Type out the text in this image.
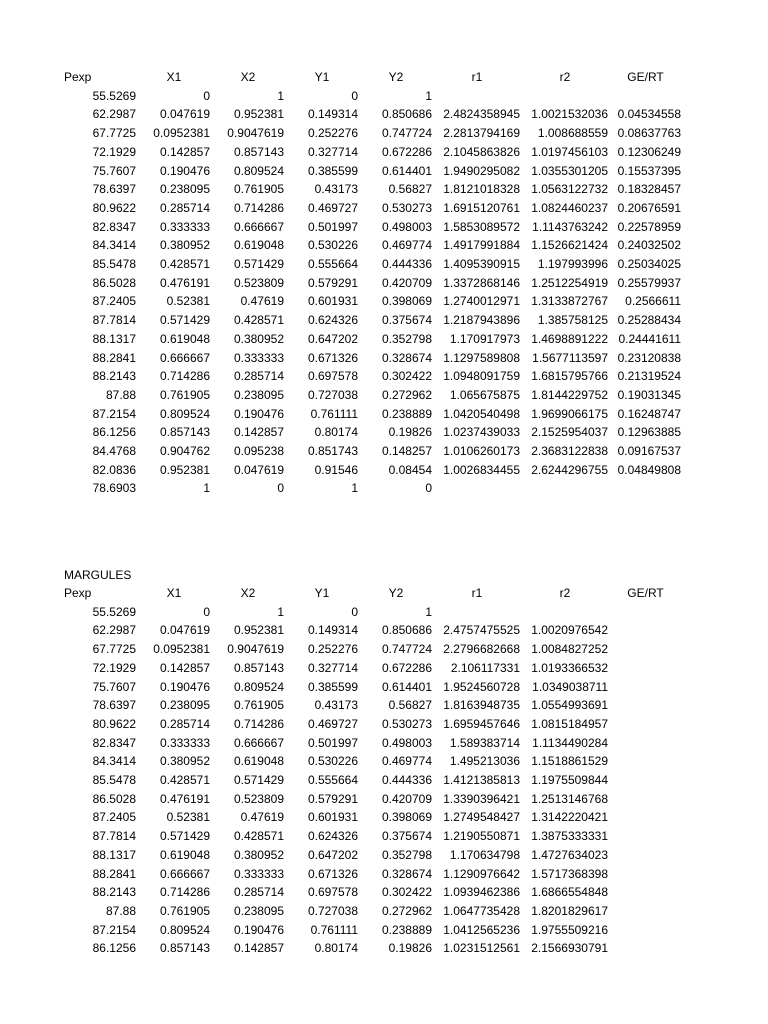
Pexp	X1	X2	Y1	Y2	r1	r2	GE/RT
55.5269	0	1	0	1			
62.2987	0.047619	0.952381	0.149314	0.850686	2.4824358945	1.0021532036	0.04534558
67.7725	0.0952381	0.9047619	0.252276	0.747724	2.2813794169	1.008688559	0.08637763
72.1929	0.142857	0.857143	0.327714	0.672286	2.1045863826	1.0197456103	0.12306249
75.7607	0.190476	0.809524	0.385599	0.614401	1.9490295082	1.0355301205	0.15537395
78.6397	0.238095	0.761905	0.43173	0.56827	1.8121018328	1.0563122732	0.18328457
80.9622	0.285714	0.714286	0.469727	0.530273	1.6915120761	1.0824460237	0.20676591
82.8347	0.333333	0.666667	0.501997	0.498003	1.5853089572	1.1143763242	0.22578959
84.3414	0.380952	0.619048	0.530226	0.469774	1.4917991884	1.1526621424	0.24032502
85.5478	0.428571	0.571429	0.555664	0.444336	1.4095390915	1.197993996	0.25034025
86.5028	0.476191	0.523809	0.579291	0.420709	1.3372868146	1.2512254919	0.25579937
87.2405	0.52381	0.47619	0.601931	0.398069	1.2740012971	1.3133872767	0.2566611
87.7814	0.571429	0.428571	0.624326	0.375674	1.2187943896	1.385758125	0.25288434
88.1317	0.619048	0.380952	0.647202	0.352798	1.170917973	1.4698891222	0.24441611
88.2841	0.666667	0.333333	0.671326	0.328674	1.1297589808	1.5677113597	0.23120838
88.2143	0.714286	0.285714	0.697578	0.302422	1.0948091759	1.6815795766	0.21319524
87.88	0.761905	0.238095	0.727038	0.272962	1.065675875	1.8144229752	0.19031345
87.2154	0.809524	0.190476	0.761111	0.238889	1.0420540498	1.9699066175	0.16248747
86.1256	0.857143	0.142857	0.80174	0.19826	1.0237439033	2.1525954037	0.12963885
84.4768	0.904762	0.095238	0.851743	0.148257	1.0106260173	2.3683122838	0.09167537
82.0836	0.952381	0.047619	0.91546	0.08454	1.0026834455	2.6244296755	0.04849808
78.6903	1	0	1	0			
MARGULES
Pexp	X1	X2	Y1	Y2	r1	r2	GE/RT
55.5269	0	1	0	1			
62.2987	0.047619	0.952381	0.149314	0.850686	2.4757475525	1.0020976542	
67.7725	0.0952381	0.9047619	0.252276	0.747724	2.2796682668	1.0084827252	
72.1929	0.142857	0.857143	0.327714	0.672286	2.106117331	1.0193366532	
75.7607	0.190476	0.809524	0.385599	0.614401	1.9524560728	1.0349038711	
78.6397	0.238095	0.761905	0.43173	0.56827	1.8163948735	1.0554993691	
80.9622	0.285714	0.714286	0.469727	0.530273	1.6959457646	1.0815184957	
82.8347	0.333333	0.666667	0.501997	0.498003	1.589383714	1.1134490284	
84.3414	0.380952	0.619048	0.530226	0.469774	1.495213036	1.1518861529	
85.5478	0.428571	0.571429	0.555664	0.444336	1.4121385813	1.1975509844	
86.5028	0.476191	0.523809	0.579291	0.420709	1.3390396421	1.2513146768	
87.2405	0.52381	0.47619	0.601931	0.398069	1.2749548427	1.3142220421	
87.7814	0.571429	0.428571	0.624326	0.375674	1.2190550871	1.3875333331	
88.1317	0.619048	0.380952	0.647202	0.352798	1.170634798	1.4727634023	
88.2841	0.666667	0.333333	0.671326	0.328674	1.1290976642	1.5717368398	
88.2143	0.714286	0.285714	0.697578	0.302422	1.0939462386	1.6866554848	
87.88	0.761905	0.238095	0.727038	0.272962	1.0647735428	1.8201829617	
87.2154	0.809524	0.190476	0.761111	0.238889	1.0412565236	1.9755509216	
86.1256	0.857143	0.142857	0.80174	0.19826	1.0231512561	2.1566930791	
